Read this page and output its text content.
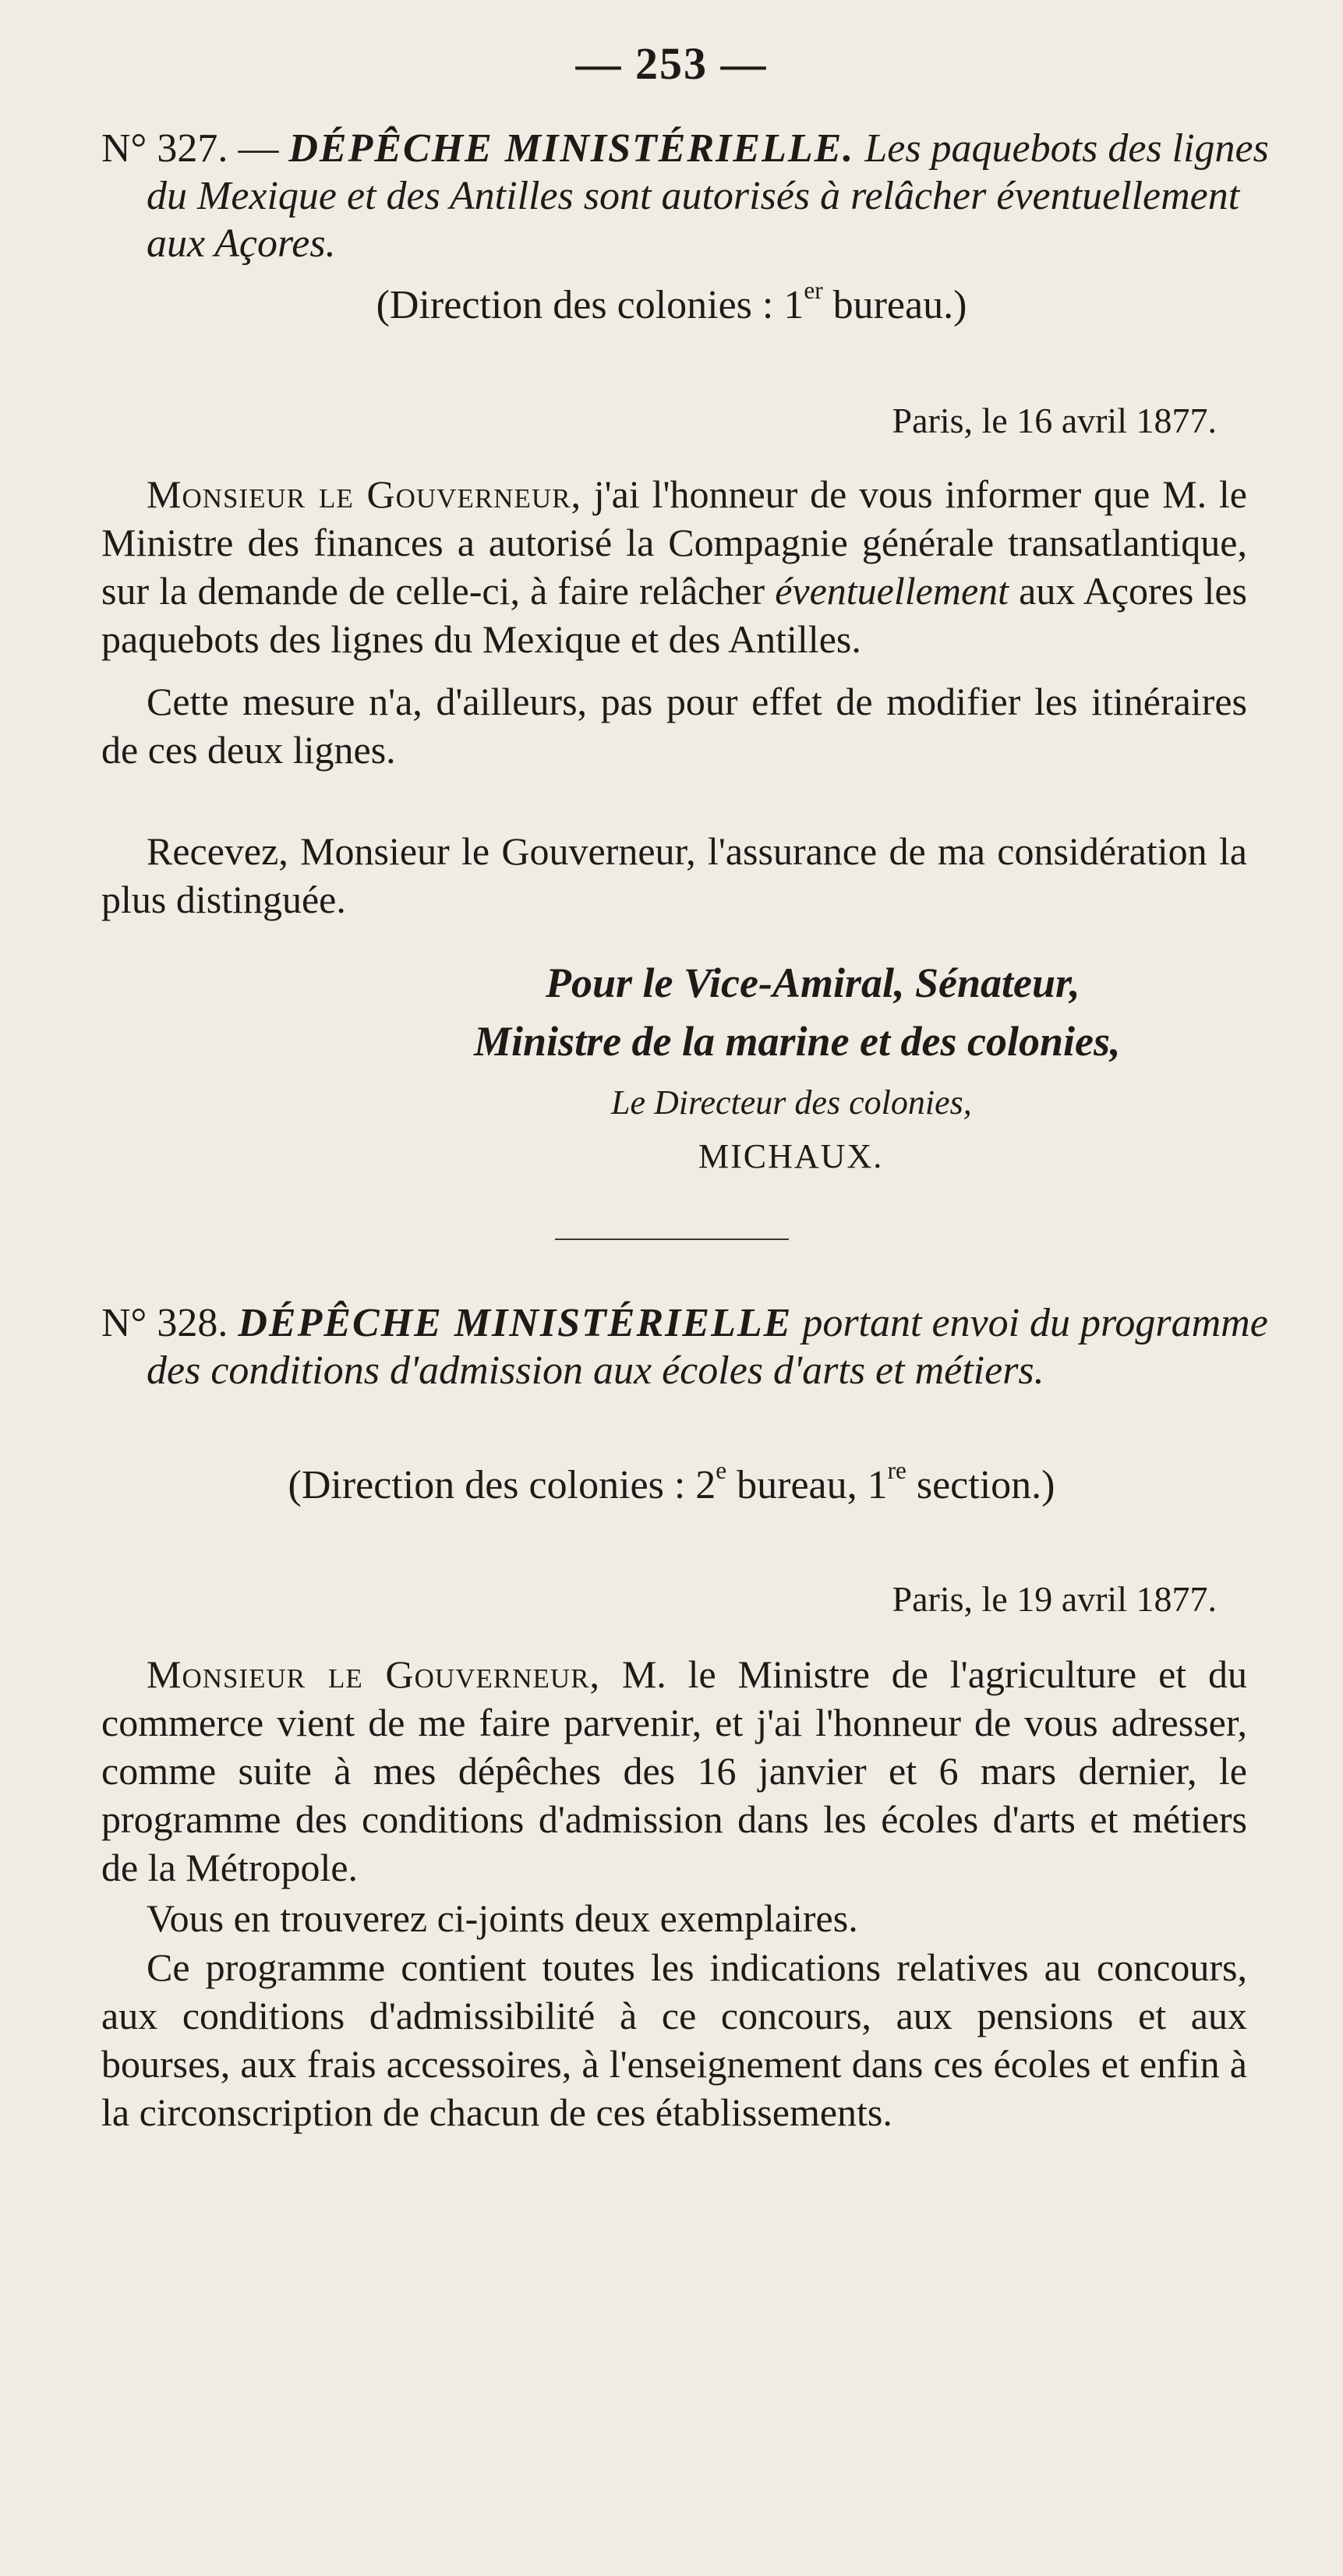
— 253 —
N° 327. — DÉPÊCHE MINISTÉRIELLE. Les paquebots des lignes du Mexique et des Antilles sont autorisés à relâcher éventuellement aux Açores.
(Direction des colonies : 1er bureau.)
Paris, le 16 avril 1877.
Monsieur le Gouverneur, j'ai l'honneur de vous informer que M. le Ministre des finances a autorisé la Compagnie générale transatlantique, sur la demande de celle-ci, à faire relâcher éventuellement aux Açores les paquebots des lignes du Mexique et des Antilles.
Cette mesure n'a, d'ailleurs, pas pour effet de modifier les itinéraires de ces deux lignes.
Recevez, Monsieur le Gouverneur, l'assurance de ma considération la plus distinguée.
Pour le Vice-Amiral, Sénateur,
Ministre de la marine et des colonies,
Le Directeur des colonies,
MICHAUX.
N° 328. DÉPÊCHE MINISTÉRIELLE portant envoi du programme des conditions d'admission aux écoles d'arts et métiers.
(Direction des colonies : 2e bureau, 1re section.)
Paris, le 19 avril 1877.
Monsieur le Gouverneur, M. le Ministre de l'agriculture et du commerce vient de me faire parvenir, et j'ai l'honneur de vous adresser, comme suite à mes dépêches des 16 janvier et 6 mars dernier, le programme des conditions d'admission dans les écoles d'arts et métiers de la Métropole.
Vous en trouverez ci-joints deux exemplaires.
Ce programme contient toutes les indications relatives au concours, aux conditions d'admissibilité à ce concours, aux pensions et aux bourses, aux frais accessoires, à l'enseignement dans ces écoles et enfin à la circonscription de chacun de ces établissements.
